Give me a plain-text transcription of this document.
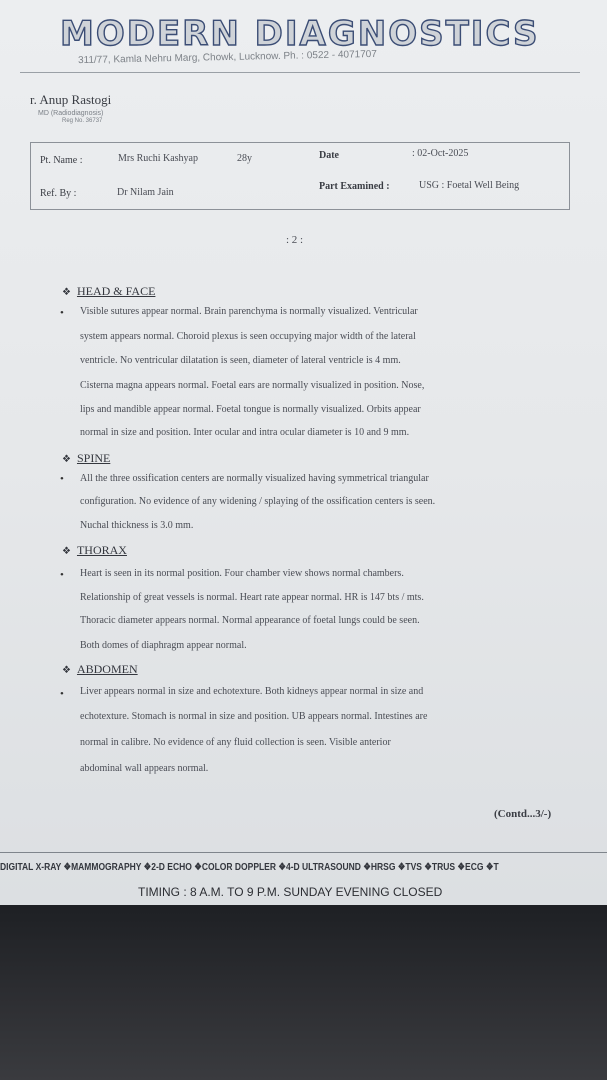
MODERN DIAGNOSTICS
311/77, Kamla Nehru Marg, Chowk, Lucknow. Ph. : 0522 - 4071707
r. Anup Rastogi
MD (Radiodiagnosis)
Reg No. 36737
Pt. Name :	Mrs Ruchi Kashyap	28y	Date	: 02-Oct-2025
Ref. By :	Dr Nilam Jain
Part Examined :	USG : Foetal Well Being
: 2 :
❖ HEAD & FACE
• Visible sutures appear normal. Brain parenchyma is normally visualized. Ventricular
system appears normal. Choroid plexus is seen occupying major width of the lateral
ventricle. No ventricular dilatation is seen, diameter of lateral ventricle is 4 mm.
Cisterna magna appears normal. Foetal ears are normally visualized in position. Nose,
lips and mandible appear normal. Foetal tongue is normally visualized. Orbits appear
normal in size and position. Inter ocular and intra ocular diameter is 10 and 9 mm.
❖ SPINE
• All the three ossification centers are normally visualized having symmetrical triangular
configuration. No evidence of any widening / splaying of the ossification centers is seen.
Nuchal thickness is 3.0 mm.
❖ THORAX
• Heart is seen in its normal position. Four chamber view shows normal chambers.
Relationship of great vessels is normal. Heart rate appear normal. HR is 147 bts / mts.
Thoracic diameter appears normal. Normal appearance of foetal lungs could be seen.
Both domes of diaphragm appear normal.
❖ ABDOMEN
• Liver appears normal in size and echotexture. Both kidneys appear normal in size and
echotexture. Stomach is normal in size and position. UB appears normal. Intestines are
normal in calibre. No evidence of any fluid collection is seen. Visible anterior
abdominal wall appears normal.
(Contd...3/-)
DIGITAL X-RAY ❖MAMMOGRAPHY ❖2-D ECHO ❖COLOR DOPPLER ❖4-D ULTRASOUND ❖HRSG ❖TVS ❖TRUS ❖ECG ❖T
TIMING : 8 A.M. TO 9 P.M. SUNDAY EVENING CLOSED
